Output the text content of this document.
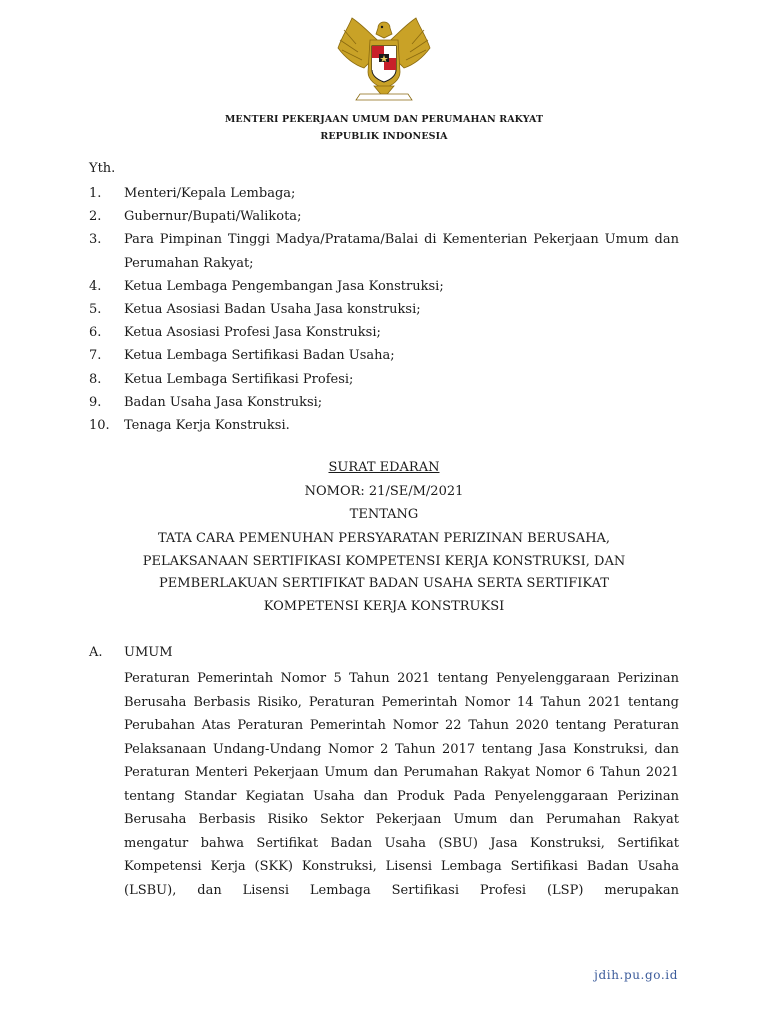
MENTERI PEKERJAAN UMUM DAN PERUMAHAN RAKYAT
REPUBLIK INDONESIA
Yth.
1. Menteri/Kepala Lembaga;
2. Gubernur/Bupati/Walikota;
3. Para Pimpinan Tinggi Madya/Pratama/Balai di Kementerian Pekerjaan Umum dan Perumahan Rakyat;
4. Ketua Lembaga Pengembangan Jasa Konstruksi;
5. Ketua Asosiasi Badan Usaha Jasa konstruksi;
6. Ketua Asosiasi Profesi Jasa Konstruksi;
7. Ketua Lembaga Sertifikasi Badan Usaha;
8. Ketua Lembaga Sertifikasi Profesi;
9. Badan Usaha Jasa Konstruksi;
10. Tenaga Kerja Konstruksi.
SURAT EDARAN
NOMOR: 21/SE/M/2021
TENTANG
TATA CARA PEMENUHAN PERSYARATAN PERIZINAN BERUSAHA,
PELAKSANAAN SERTIFIKASI KOMPETENSI KERJA KONSTRUKSI, DAN
PEMBERLAKUAN SERTIFIKAT BADAN USAHA SERTA SERTIFIKAT
KOMPETENSI KERJA KONSTRUKSI
A. UMUM
Peraturan Pemerintah Nomor 5 Tahun 2021 tentang Penyelenggaraan Perizinan Berusaha Berbasis Risiko, Peraturan Pemerintah Nomor 14 Tahun 2021 tentang Perubahan Atas Peraturan Pemerintah Nomor 22 Tahun 2020 tentang Peraturan Pelaksanaan Undang-Undang Nomor 2 Tahun 2017 tentang Jasa Konstruksi, dan Peraturan Menteri Pekerjaan Umum dan Perumahan Rakyat Nomor 6 Tahun 2021 tentang Standar Kegiatan Usaha dan Produk Pada Penyelenggaraan Perizinan Berusaha Berbasis Risiko Sektor Pekerjaan Umum dan Perumahan Rakyat mengatur bahwa Sertifikat Badan Usaha (SBU) Jasa Konstruksi, Sertifikat Kompetensi Kerja (SKK) Konstruksi, Lisensi Lembaga Sertifikasi Badan Usaha (LSBU), dan Lisensi Lembaga Sertifikasi Profesi (LSP) merupakan
jdih.pu.go.id
